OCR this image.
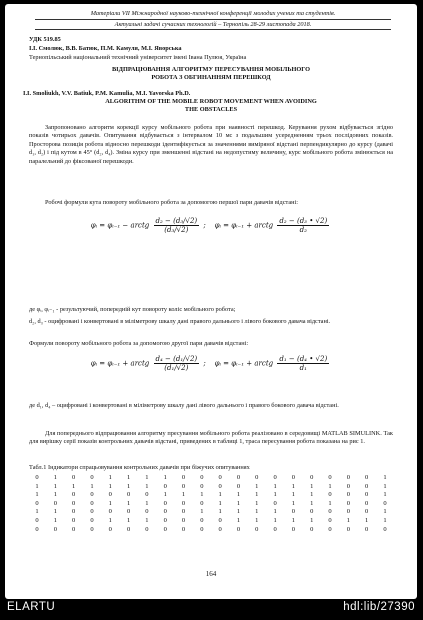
Матеріали VII Міжнародної науково-технічної конференції молодих учених та студентів.
Актуальні задачі сучасних технологій – Тернопіль 28-29 листопада 2018.
УДК 519.85
І.І. Смолюк, В.В. Батюк, П.М. Камуля, М.І. Яворська
Тернопільський національний технічний університет імені Івана Пулюя, Україна
ВІДПРАЦЮВАННЯ АЛГОРИТМУ ПЕРЕСУВАННЯ МОБІЛЬНОГО
РОБОТА З ОБГИНАННЯМ ПЕРЕШКОД
I.I. Smoliukh, V.V. Batiuk, P.M. Kamulia, M.I. Yavorska Ph.D.
ALGORITHM OF THE MOBILE ROBOT MOVEMENT WHEN AVOIDING
THE OBSTACLES
Запропоновано алгоритм корекції курсу мобільного робота при наявності перешкод. Керування рухом відбувається згідно показів чотирьох давачів. Опитування відбувається з інтервалом 10 мс з подальшим усередненням трьох послідовних показів. Просторова позиція робота відносно перешкоди ідентифікується за значеннями виміряної відстані перпендикулярно до курсу (давачі d₁, d₂) і під кутом в 45° (d₂, d₄). Зміна курсу при зменшенні відстані на недопустиму величину, курс мобільного робота змінюється на паралельний до фіксованої перешкоди.
Робочі формули кута повороту мобільного робота за допомогою першої пари давачів відстані:
φᵢ = φᵢ₋₁ − arctg $\frac{\text{d₂ − (d₃/√2)}}{\text{(d₃/√2)}}$ ; φᵢ = φᵢ₋₁ + arctg $\frac{\text{d₂ − (d₃ • √2)}}{\text{d₂}}$
де φᵢ, φᵢ₋₁ - результуючий, попередній кут повороту коліс мобільного робота;
d₂, d₃ - оцифровані і конвертовані в міліметрову шкалу дані правого дальнього і лівого бокового давача відстані.
Формули повороту мобільного робота за допомогою другої пари давачів відстані:
φᵢ = φᵢ₋₁ + arctg $\frac{\text{d₄ − (d₁/√2)}}{\text{(d₁/√2)}}$ ; φᵢ = φᵢ₋₁ + arctg $\frac{\text{d₁ − (d₄ • √2)}}{\text{d₁}}$
де d₁, d₄ – оцифровані і конвертовані в міліметрову шкалу дані лівого дальнього і правого бокового давача відстані.
Для попереднього відпрацювання алгоритму пресування мобільного робота реалізовано в середовищі MATLAB SIMULINK. Так для вирішку серії показів контрольних давачів відстані, приведених в таблиці 1, траса пересування робота показана на рис 1.
Табл.1 Індикатори спрацьовування контрольних давачів при біжучих опитуваннях
0	1	0	0	1	1	1	1	0	0	0	0	0	0	0	0	0	0	0	1
1	1	1	1	1	1	1	0	0	0	0	0	1	1	1	1	1	0	0	1
1	1	0	0	0	0	0	1	1	1	1	1	1	1	1	1	0	0	0	1
0	0	0	0	1	1	1	0	0	0	1	1	1	0	1	1	1	0	0	0
1	1	0	0	0	0	0	0	0	1	1	1	1	1	0	0	0	0	0	1
0	1	0	0	1	1	1	0	0	0	0	1	1	1	1	1	0	1	1	1
0	0	0	0	0	0	0	0	0	0	0	0	0	0	0	0	0	0	0	0
164
ELARTU	hdl:lib/27390
